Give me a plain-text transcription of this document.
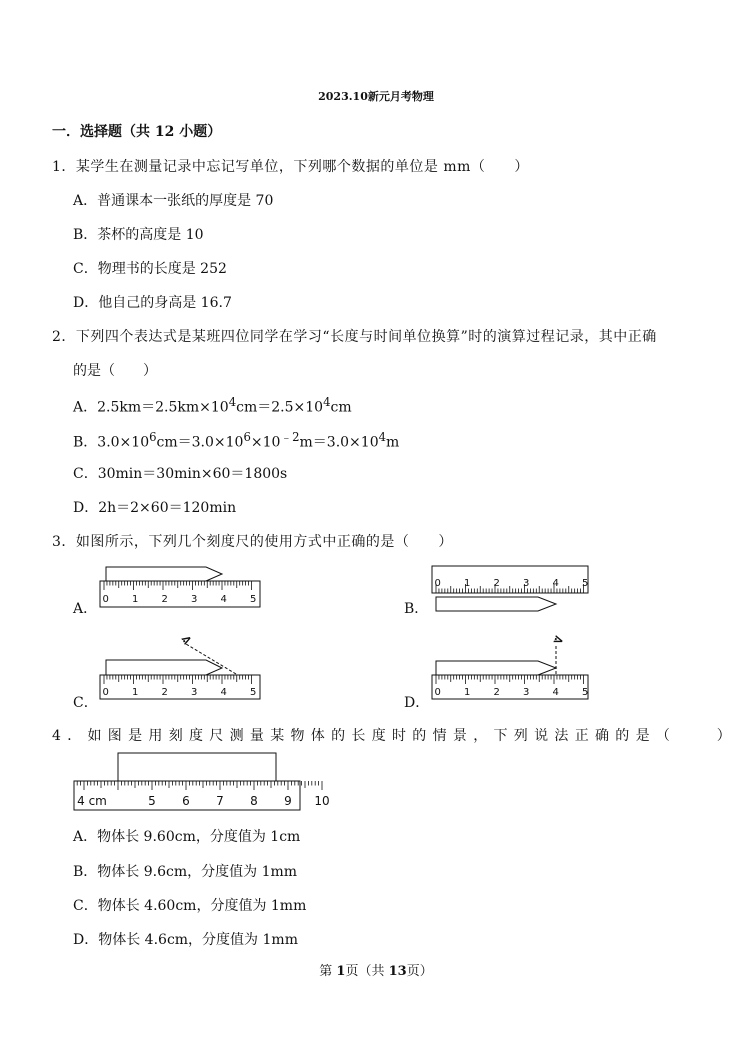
2023.10新元月考物理
一．选择题（共 12 小题）
1．某学生在测量记录中忘记写单位，下列哪个数据的单位是 mm（　　）
A．普通课本一张纸的厚度是 70
B．茶杯的高度是 10
C．物理书的长度是 252
D．他自己的身高是 16.7
2．下列四个表达式是某班四位同学在学习“长度与时间单位换算”时的演算过程记录，其中正确
的是（　　）
A．$2.5km=2.5km\times 10^4cm=2.5\times 10^4cm$
B．$3.0\times 10^6cm=3.0\times 10^6\times 10^{﹣2}m=3.0\times 10^4m$
C．30min＝30min×60＝1800s
D．2h＝2×60＝120min
3．如图所示，下列几个刻度尺的使用方式中正确的是（　　）
A．	B．
C．	D．
0 1 2 3 4 5
0 1 2 3 4 5
⋗
0 1 2 3 4 5
⋗
0 1 2 3 4 5
4．如图是用刻度尺测量某物体的长度时的情景，下列说法正确的是（　　）
4 cm	5 6 7 8 9 10
A．物体长 9.60cm，分度值为 1cm
B．物体长 9.6cm，分度值为 1mm
C．物体长 4.60cm，分度值为 1mm
D．物体长 4.6cm，分度值为 1mm
第 1页（共 13页）
